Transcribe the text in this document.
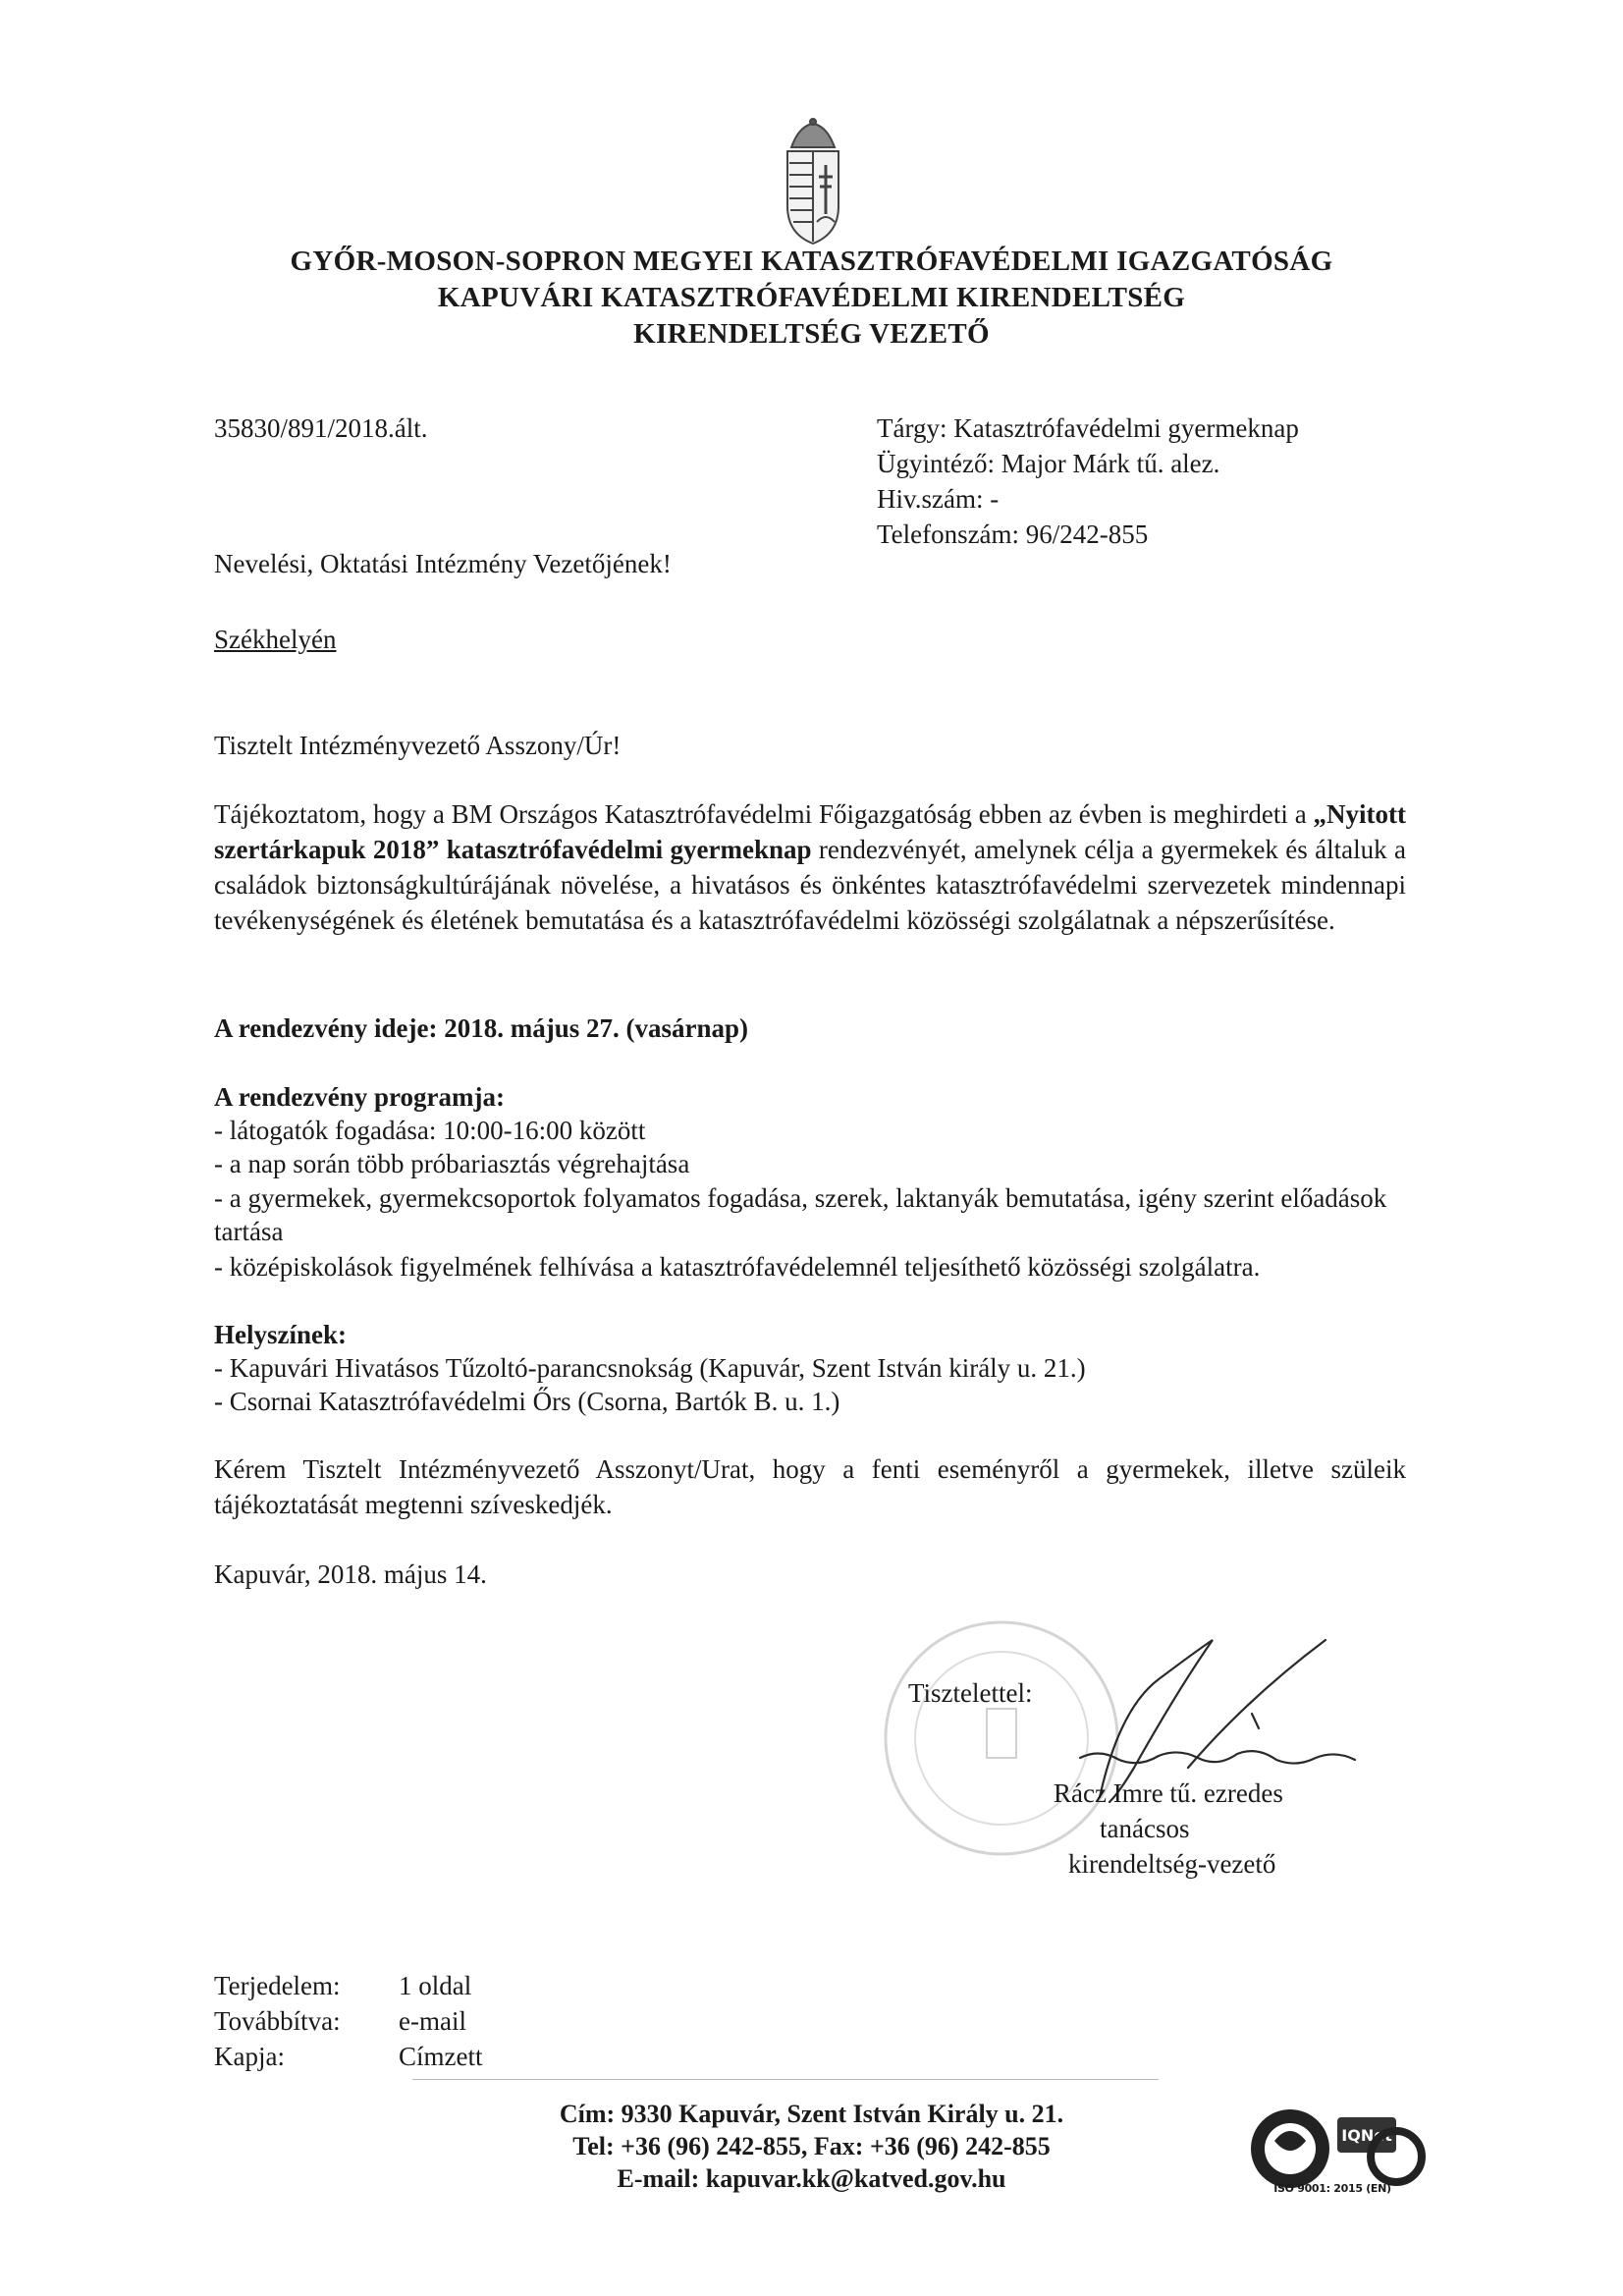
GYŐR-MOSON-SOPRON MEGYEI KATASZTRÓFAVÉDELMI IGAZGATÓSÁG
KAPUVÁRI KATASZTRÓFAVÉDELMI KIRENDELTSÉG
KIRENDELTSÉG VEZETŐ
35830/891/2018.ált.	Tárgy: Katasztrófavédelmi gyermeknap
Ügyintéző: Major Márk tű. alez.
Hiv.szám: -
Telefonszám: 96/242-855
Nevelési, Oktatási Intézmény Vezetőjének!
Székhelyén
Tisztelt Intézményvezető Asszony/Úr!

Tájékoztatom, hogy a BM Országos Katasztrófavédelmi Főigazgatóság ebben az évben is meghirdeti a „Nyitott szertárkapuk 2018” katasztrófavédelmi gyermeknap rendezvényét, amelynek célja a gyermekek és általuk a családok biztonságkultúrájának növelése, a hivatásos és önkéntes katasztrófavédelmi szervezetek mindennapi tevékenységének és életének bemutatása és a katasztrófavédelmi közösségi szolgálatnak a népszerűsítése.

A rendezvény ideje: 2018. május 27. (vasárnap)
A rendezvény programja:
- látogatók fogadása: 10:00-16:00 között
- a nap során több próbariasztás végrehajtása

- a gyermekek, gyermekcsoportok folyamatos fogadása, szerek, laktanyák bemutatása, igény szerint előadások tartása

- középiskolások figyelmének felhívása a katasztrófavédelemnél teljesíthető közösségi szolgálatra.
Helyszínek:
- Kapuvári Hivatásos Tűzoltó-parancsnokság (Kapuvár, Szent István király u. 21.)
- Csornai Katasztrófavédelmi Őrs (Csorna, Bartók B. u. 1.)

Kérem Tisztelt Intézményvezető Asszonyt/Urat, hogy a fenti eseményről a gyermekek, illetve szüleik tájékoztatását megtenni szíveskedjék.

Kapuvár, 2018. május 14.
Tisztelettel:
Rácz Imre tű. ezredes
tanácsos
kirendeltség-vezető
Terjedelem: 1 oldal
Továbbítva: e-mail
Kapja:	Címzett
Cím: 9330 Kapuvár, Szent István Király u. 21.
Tel: +36 (96) 242-855, Fax: +36 (96) 242-855
E-mail: kapuvar.kk@katved.gov.hu
IQNet
ISO 9001: 2015 (EN)
